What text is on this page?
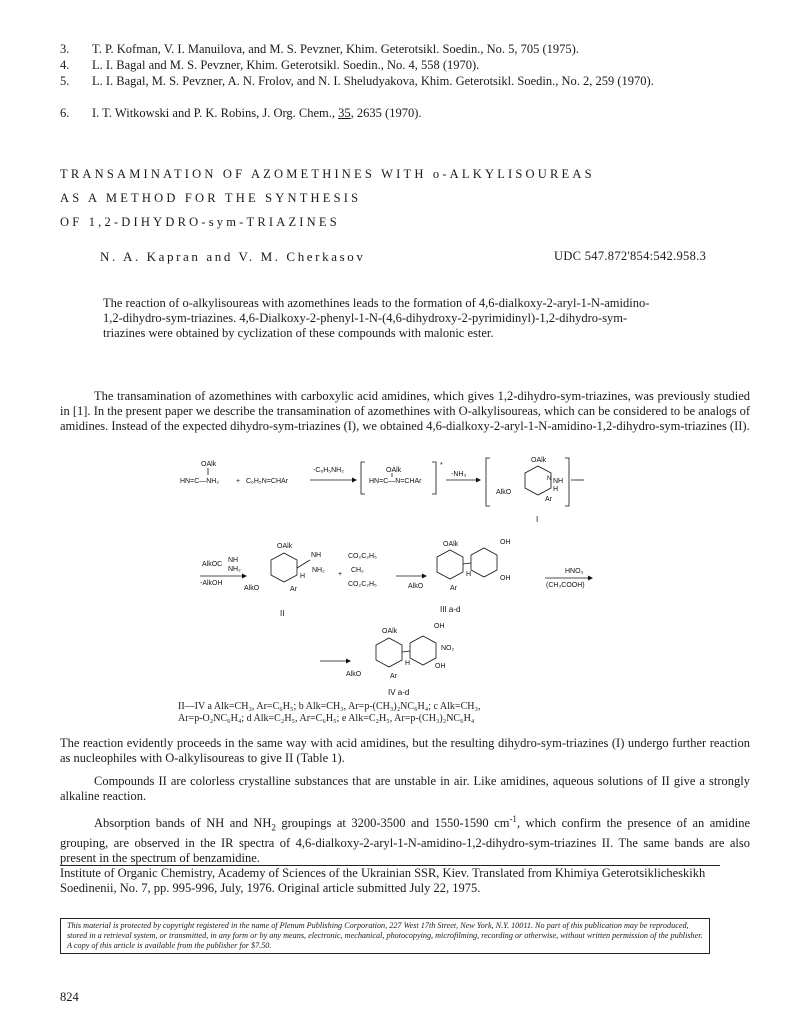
3.	T. P. Kofman, V. I. Manuilova, and M. S. Pevzner, Khim. Geterotsikl. Soedin., No. 5, 705 (1975).
4.	L. I. Bagal and M. S. Pevzner, Khim. Geterotsikl. Soedin., No. 4, 558 (1970).
5.	L. I. Bagal, M. S. Pevzner, A. N. Frolov, and N. I. Sheludyakova, Khim. Geterotsikl. Soedin., No. 2, 259 (1970).
6.	I. T. Witkowski and P. K. Robins, J. Org. Chem., 35, 2635 (1970).
TRANSAMINATION OF AZOMETHINES WITH o-ALKYLISOUREAS
AS A METHOD FOR THE SYNTHESIS
OF 1,2-DIHYDRO-sym-TRIAZINES
N. A. Kapran and V. M. Cherkasov	UDC 547.872'854:542.958.3
The reaction of o-alkylisoureas with azomethines leads to the formation of 4,6-dialkoxy-2-aryl-1-N-amidino-1,2-dihydro-sym-triazines. 4,6-Dialkoxy-2-phenyl-1-N-(4,6-dihydroxy-2-pyrimidinyl)-1,2-dihydro-sym-triazines were obtained by cyclization of these compounds with malonic ester.
The transamination of azomethines with carboxylic acid amidines, which gives 1,2-dihydro-sym-triazines, was previously studied in [1]. In the present paper we describe the transamination of azomethines with O-alkylisoureas, which can be considered to be analogs of amidines. Instead of the expected dihydro-sym-triazines (I), we obtained 4,6-dialkoxy-2-aryl-1-N-amidino-1,2-dihydro-sym-triazines (II).
OAlk
HN=C—NH₂ + C₆H₅N=CHAr
-C₆H₅NH₂	OAlk
HN=C—N=CHAr
*
-NH₃
OAlk
N NH
H
AlkO
Ar
I
AlkOC
NH
NH₂
-AlkOH
OAlk
NH
NH₂
H
AlkO	Ar
II
+
CO₂C₂H₅
CH₂
CO₂C₂H₅
OAlk	OH
OH
H
AlkO	Ar
III a-d
HNO₃
(CH₃COOH)
OAlk
OH
NO₂
OH
H
AlkO	Ar
IV a-d
II—IV a Alk=CH₃, Ar=C₆H₅; b Alk=CH₃, Ar=p-(CH₃)₂NC₆H₄; c Alk=CH₃,
Ar=p-O₂NC₆H₄; d Alk=C₂H₅, Ar=C₆H₅; e Alk=C₂H₅, Ar=p-(CH₃)₂NC₆H₄
The reaction evidently proceeds in the same way with acid amidines, but the resulting dihydro-sym-triazines (I) undergo further reaction as nucleophiles with O-alkylisoureas to give II (Table 1).
Compounds II are colorless crystalline substances that are unstable in air. Like amidines, aqueous solutions of II give a strongly alkaline reaction.
Absorption bands of NH and $NH_2$ groupings at 3200-3500 and 1550-1590 $cm^{-1}$, which confirm the presence of an amidine grouping, are observed in the IR spectra of 4,6-dialkoxy-2-aryl-1-N-amidino-1,2-dihydro-sym-triazines II. The same bands are also present in the spectrum of benzamidine.
Institute of Organic Chemistry, Academy of Sciences of the Ukrainian SSR, Kiev. Translated from Khimiya Geterotsiklicheskikh Soedinenii, No. 7, pp. 995-996, July, 1976. Original article submitted July 22, 1975.
This material is protected by copyright registered in the name of Plenum Publishing Corporation, 227 West 17th Street, New York, N.Y. 10011. No part of this publication may be reproduced, stored in a retrieval system, or transmitted, in any form or by any means, electronic, mechanical, photocopying, microfilming, recording or otherwise, without written permission of the publisher. A copy of this article is available from the publisher for $7.50.
824
